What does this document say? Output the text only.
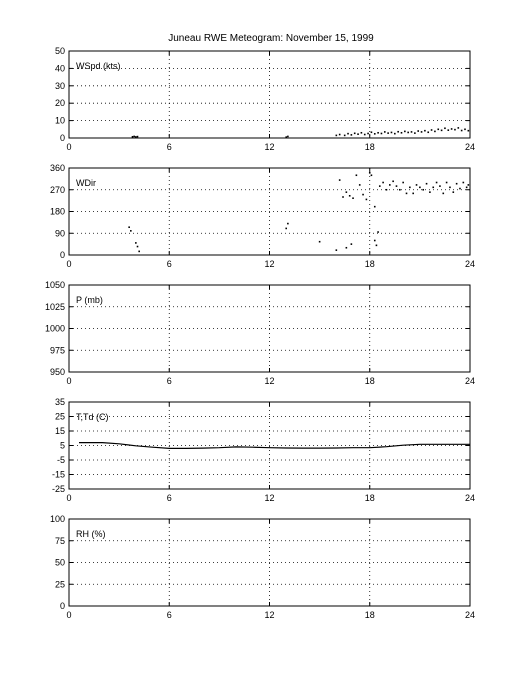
Juneau RWE Meteogram: November 15, 1999
0	6	12	18	24
0
10
20
30
40
50
WSpd (kts)
0	6	12	18	24
0
90
180
270
360
WDir
0	6	12	18	24
950
975
1000
1025
1050
P (mb)
0	6	12	18	24
-25
-15
-5
5
15
25
35
T,Td (C)
0	6	12	18	24
0
25
50
75
100
RH (%)
